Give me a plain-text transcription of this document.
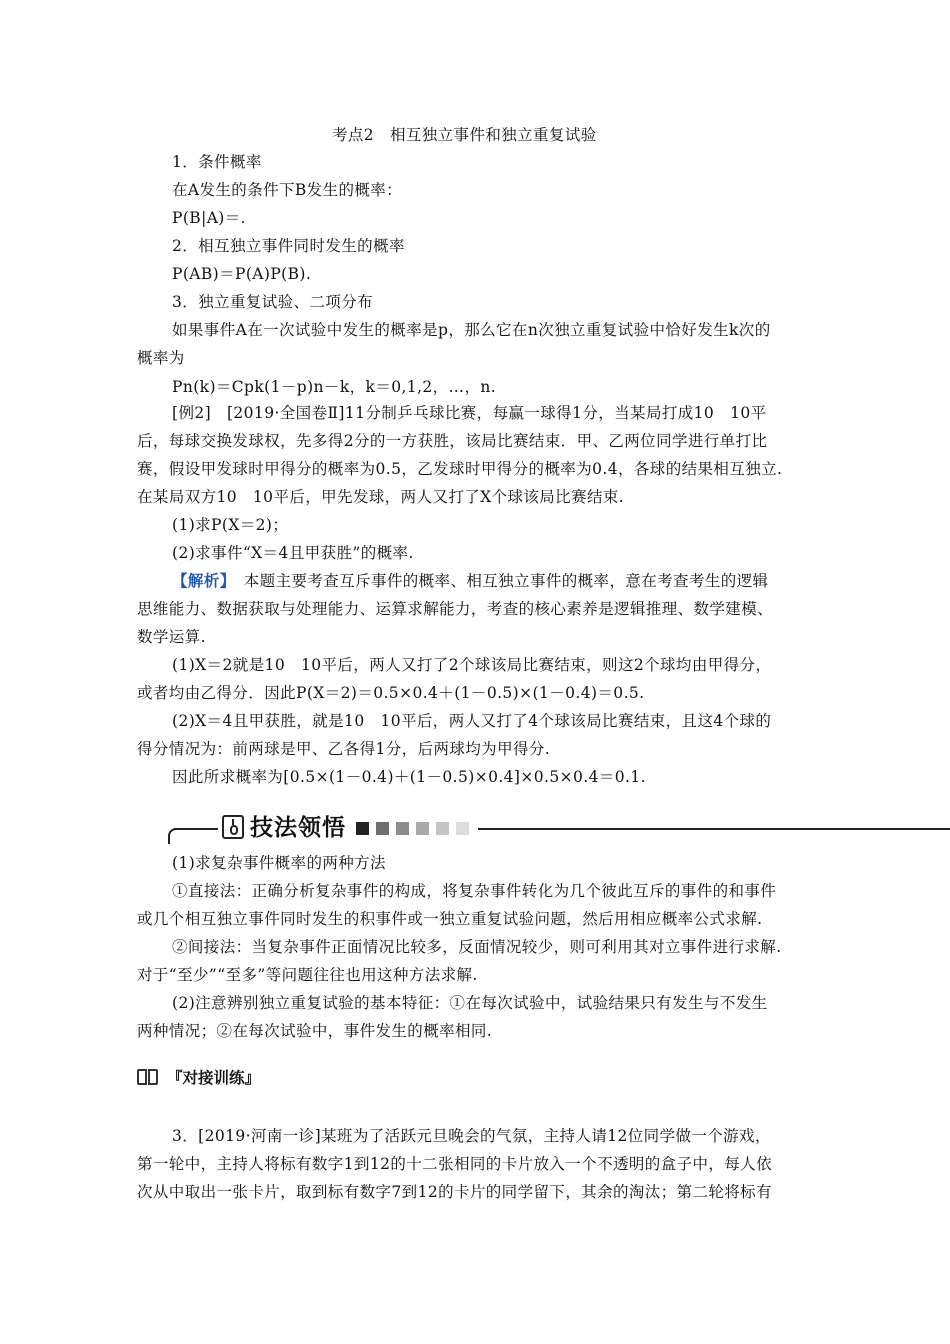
考点2　相互独立事件和独立重复试验
1．条件概率
在A发生的条件下B发生的概率：
P(B|A)＝.
2．相互独立事件同时发生的概率
P(AB)＝P(A)P(B).
3．独立重复试验、二项分布
如果事件A在一次试验中发生的概率是p，那么它在n次独立重复试验中恰好发生k次的
概率为
Pn(k)＝Cpk(1－p)n－k，k＝0,1,2，…，n.
[例2]　[2019·全国卷Ⅱ]11分制乒乓球比赛，每赢一球得1分，当某局打成10　10平
后，每球交换发球权，先多得2分的一方获胜，该局比赛结束．甲、乙两位同学进行单打比
赛，假设甲发球时甲得分的概率为0.5，乙发球时甲得分的概率为0.4，各球的结果相互独立.
在某局双方10　10平后，甲先发球，两人又打了X个球该局比赛结束.
(1)求P(X＝2)；
(2)求事件“X＝4且甲获胜”的概率.
【解析】　本题主要考查互斥事件的概率、相互独立事件的概率，意在考查考生的逻辑
思维能力、数据获取与处理能力、运算求解能力，考查的核心素养是逻辑推理、数学建模、
数学运算.
(1)X＝2就是10　10平后，两人又打了2个球该局比赛结束，则这2个球均由甲得分，
或者均由乙得分．因此P(X＝2)＝0.5×0.4＋(1－0.5)×(1－0.4)＝0.5.
(2)X＝4且甲获胜，就是10　10平后，两人又打了4个球该局比赛结束，且这4个球的
得分情况为：前两球是甲、乙各得1分，后两球均为甲得分.
因此所求概率为[0.5×(1－0.4)＋(1－0.5)×0.4]×0.5×0.4＝0.1.
技法领悟
(1)求复杂事件概率的两种方法
①直接法：正确分析复杂事件的构成，将复杂事件转化为几个彼此互斥的事件的和事件
或几个相互独立事件同时发生的积事件或一独立重复试验问题，然后用相应概率公式求解.
②间接法：当复杂事件正面情况比较多，反面情况较少，则可利用其对立事件进行求解.
对于“至少”“至多”等问题往往也用这种方法求解.
(2)注意辨别独立重复试验的基本特征：①在每次试验中，试验结果只有发生与不发生
两种情况；②在每次试验中，事件发生的概率相同.
『对接训练』
3．[2019·河南一诊]某班为了活跃元旦晚会的气氛，主持人请12位同学做一个游戏，
第一轮中，主持人将标有数字1到12的十二张相同的卡片放入一个不透明的盒子中，每人依
次从中取出一张卡片，取到标有数字7到12的卡片的同学留下，其余的淘汰；第二轮将标有
